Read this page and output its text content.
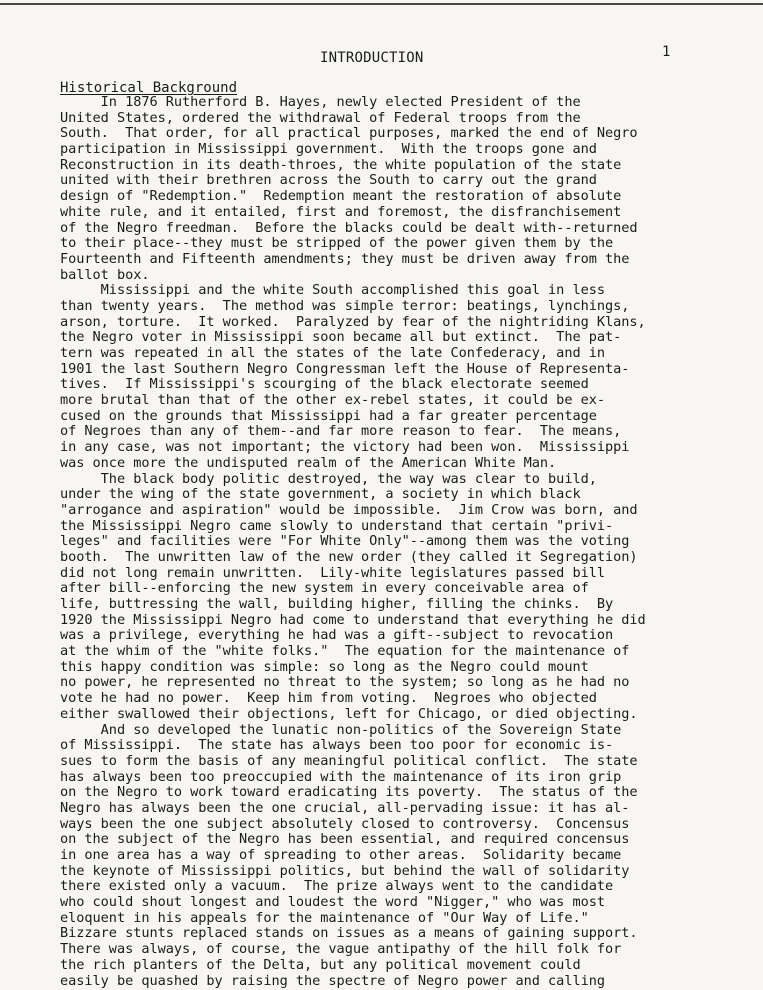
INTRODUCTION	1
Historical Background
In 1876 Rutherford B. Hayes, newly elected President of the
United States, ordered the withdrawal of Federal troops from the
South.  That order, for all practical purposes, marked the end of Negro
participation in Mississippi government.  With the troops gone and
Reconstruction in its death-throes, the white population of the state
united with their brethren across the South to carry out the grand
design of "Redemption."  Redemption meant the restoration of absolute
white rule, and it entailed, first and foremost, the disfranchisement
of the Negro freedman.  Before the blacks could be dealt with--returned
to their place--they must be stripped of the power given them by the
Fourteenth and Fifteenth amendments; they must be driven away from the
ballot box.
Mississippi and the white South accomplished this goal in less
than twenty years.  The method was simple terror: beatings, lynchings,
arson, torture.  It worked.  Paralyzed by fear of the nightriding Klans,
the Negro voter in Mississippi soon became all but extinct.  The pat-
tern was repeated in all the states of the late Confederacy, and in
1901 the last Southern Negro Congressman left the House of Representa-
tives.  If Mississippi's scourging of the black electorate seemed
more brutal than that of the other ex-rebel states, it could be ex-
cused on the grounds that Mississippi had a far greater percentage
of Negroes than any of them--and far more reason to fear.  The means,
in any case, was not important; the victory had been won.  Mississippi
was once more the undisputed realm of the American White Man.
The black body politic destroyed, the way was clear to build,
under the wing of the state government, a society in which black
"arrogance and aspiration" would be impossible.  Jim Crow was born, and
the Mississippi Negro came slowly to understand that certain "privi-
leges" and facilities were "For White Only"--among them was the voting
booth.  The unwritten law of the new order (they called it Segregation)
did not long remain unwritten.  Lily-white legislatures passed bill
after bill--enforcing the new system in every conceivable area of
life, buttressing the wall, building higher, filling the chinks.  By
1920 the Mississippi Negro had come to understand that everything he did
was a privilege, everything he had was a gift--subject to revocation
at the whim of the "white folks."  The equation for the maintenance of
this happy condition was simple: so long as the Negro could mount
no power, he represented no threat to the system; so long as he had no
vote he had no power.  Keep him from voting.  Negroes who objected
either swallowed their objections, left for Chicago, or died objecting.
And so developed the lunatic non-politics of the Sovereign State
of Mississippi.  The state has always been too poor for economic is-
sues to form the basis of any meaningful political conflict.  The state
has always been too preoccupied with the maintenance of its iron grip
on the Negro to work toward eradicating its poverty.  The status of the
Negro has always been the one crucial, all-pervading issue: it has al-
ways been the one subject absolutely closed to controversy.  Concensus
on the subject of the Negro has been essential, and required concensus
in one area has a way of spreading to other areas.  Solidarity became
the keynote of Mississippi politics, but behind the wall of solidarity
there existed only a vacuum.  The prize always went to the candidate
who could shout longest and loudest the word "Nigger," who was most
eloquent in his appeals for the maintenance of "Our Way of Life."
Bizzare stunts replaced stands on issues as a means of gaining support.
There was always, of course, the vague antipathy of the hill folk for
the rich planters of the Delta, but any political movement could
easily be quashed by raising the spectre of Negro power and calling
